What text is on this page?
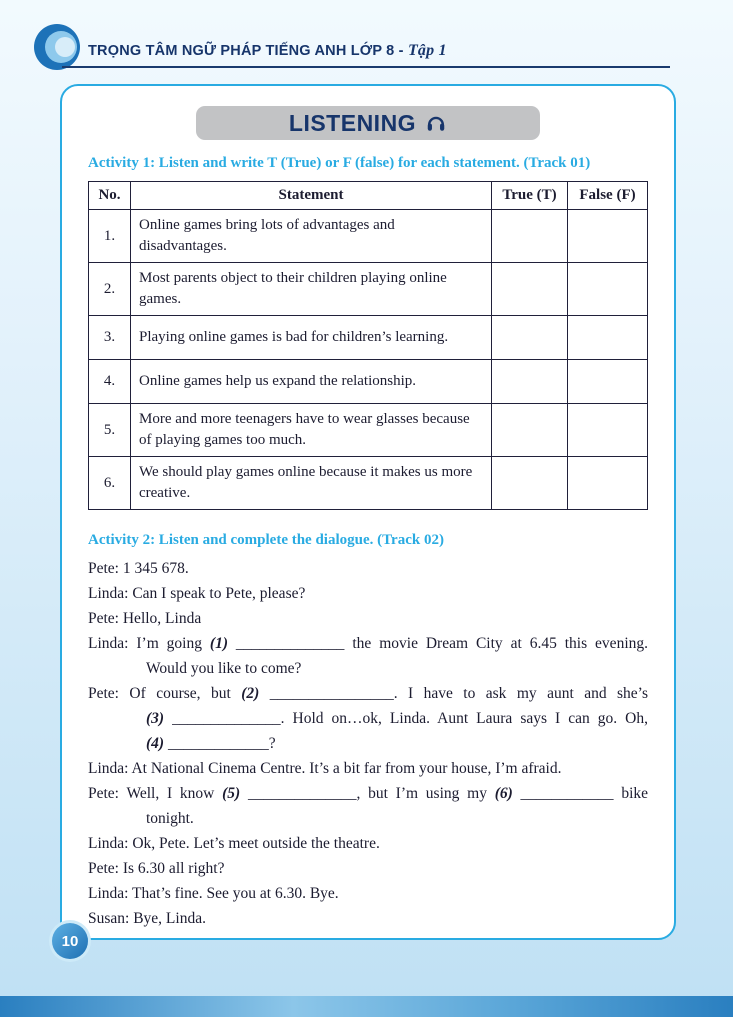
TRỌNG TÂM NGỮ PHÁP TIẾNG ANH LỚP 8 - Tập 1
LISTENING

Activity 1: Listen and write T (True) or F (false) for each statement. (Track 01)

No.	Statement	True (T)	False (F)
1.	Online games bring lots of advantages and disadvantages.		
2.	Most parents object to their children playing online games.		
3.	Playing online games is bad for children’s learning.		
4.	Online games help us expand the relationship.		
5.	More and more teenagers have to wear glasses because of playing games too much.		
6.	We should play games online because it makes us more creative.		

Activity 2: Listen and complete the dialogue. (Track 02)

Pete: 1 345 678.

Linda: Can I speak to Pete, please?

Pete: Hello, Linda

Linda: I’m going (1) ______________ the movie Dream City at 6.45 this evening.

Would you like to come?

Pete: Of course, but (2) ________________. I have to ask my aunt and she’s

(3) ______________. Hold on…ok, Linda. Aunt Laura says I can go. Oh,

(4) _____________?

Linda: At National Cinema Centre. It’s a bit far from your house, I’m afraid.

Pete: Well, I know (5) ______________, but I’m using my (6) ____________ bike

tonight.

Linda: Ok, Pete. Let’s meet outside the theatre.

Pete: Is 6.30 all right?

Linda: That’s fine. See you at 6.30. Bye.

Susan: Bye, Linda.

10
